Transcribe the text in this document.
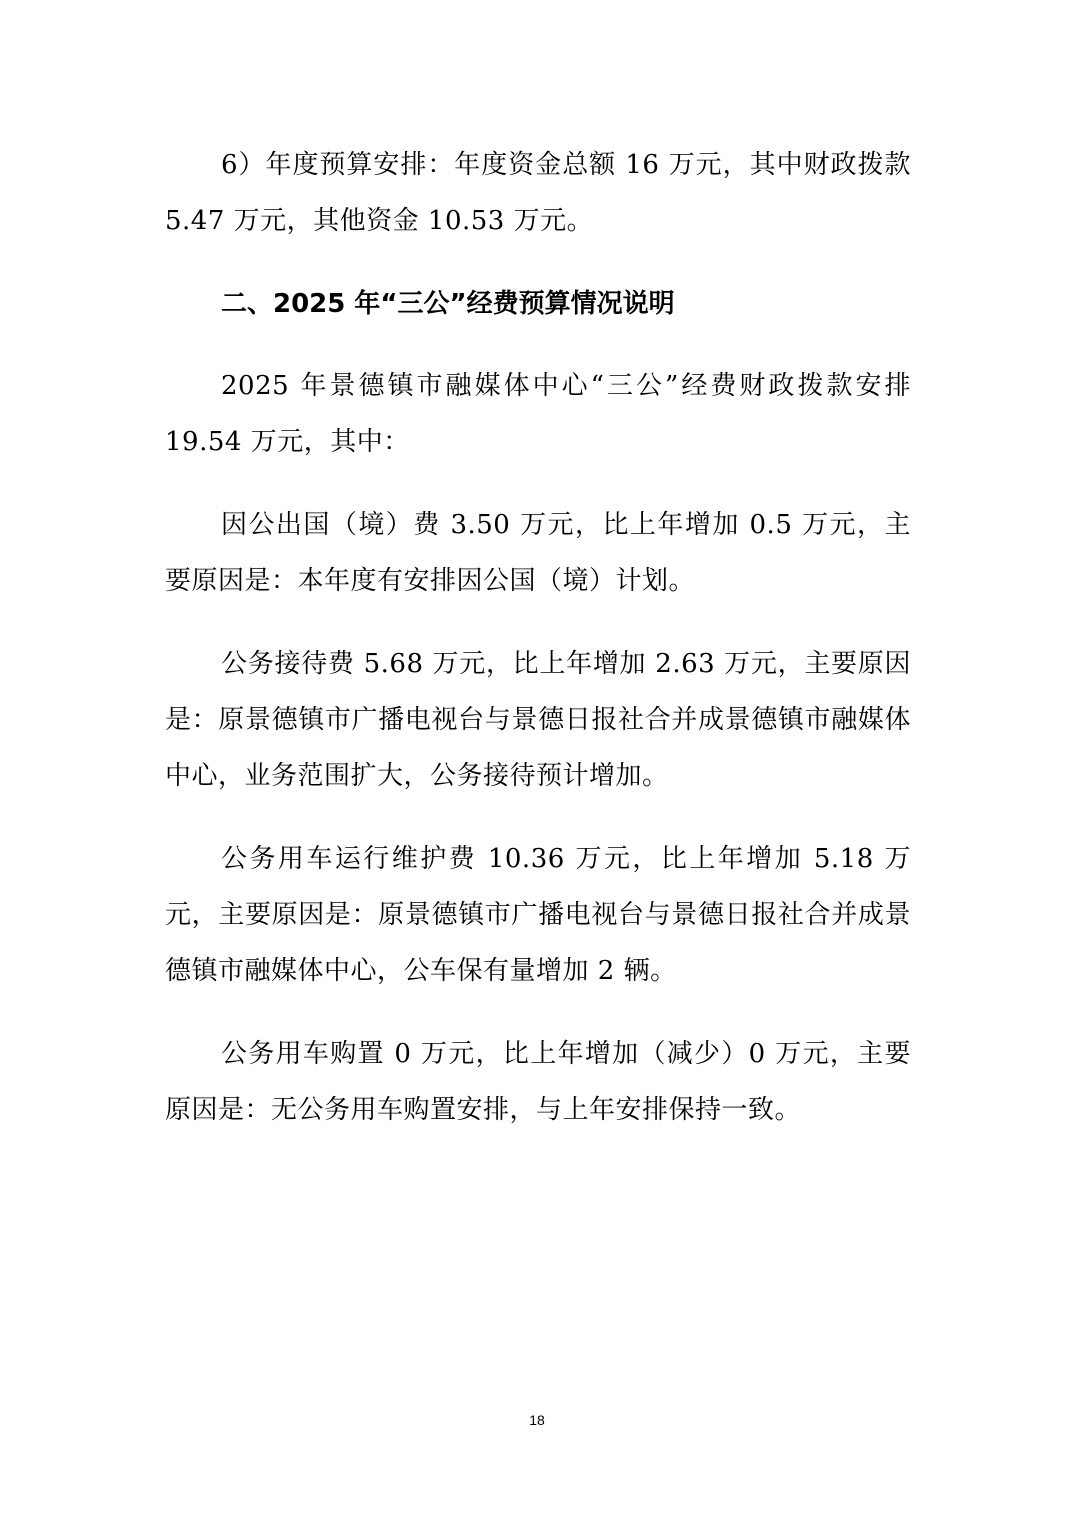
6）年度预算安排：年度资金总额 16 万元，其中财政拨款 5.47 万元，其他资金 10.53 万元。

二、2025 年“三公”经费预算情况说明

2025 年景德镇市融媒体中心“三公”经费财政拨款安排 19.54 万元，其中：

因公出国（境）费 3.50 万元，比上年增加 0.5 万元，主要原因是：本年度有安排因公国（境）计划。

公务接待费 5.68 万元，比上年增加 2.63 万元，主要原因是：原景德镇市广播电视台与景德日报社合并成景德镇市融媒体中心，业务范围扩大，公务接待预计增加。

公务用车运行维护费 10.36 万元，比上年增加 5.18 万元，主要原因是：原景德镇市广播电视台与景德日报社合并成景德镇市融媒体中心，公车保有量增加 2 辆。

公务用车购置 0 万元，比上年增加（减少）0 万元，主要原因是：无公务用车购置安排，与上年安排保持一致。

18
